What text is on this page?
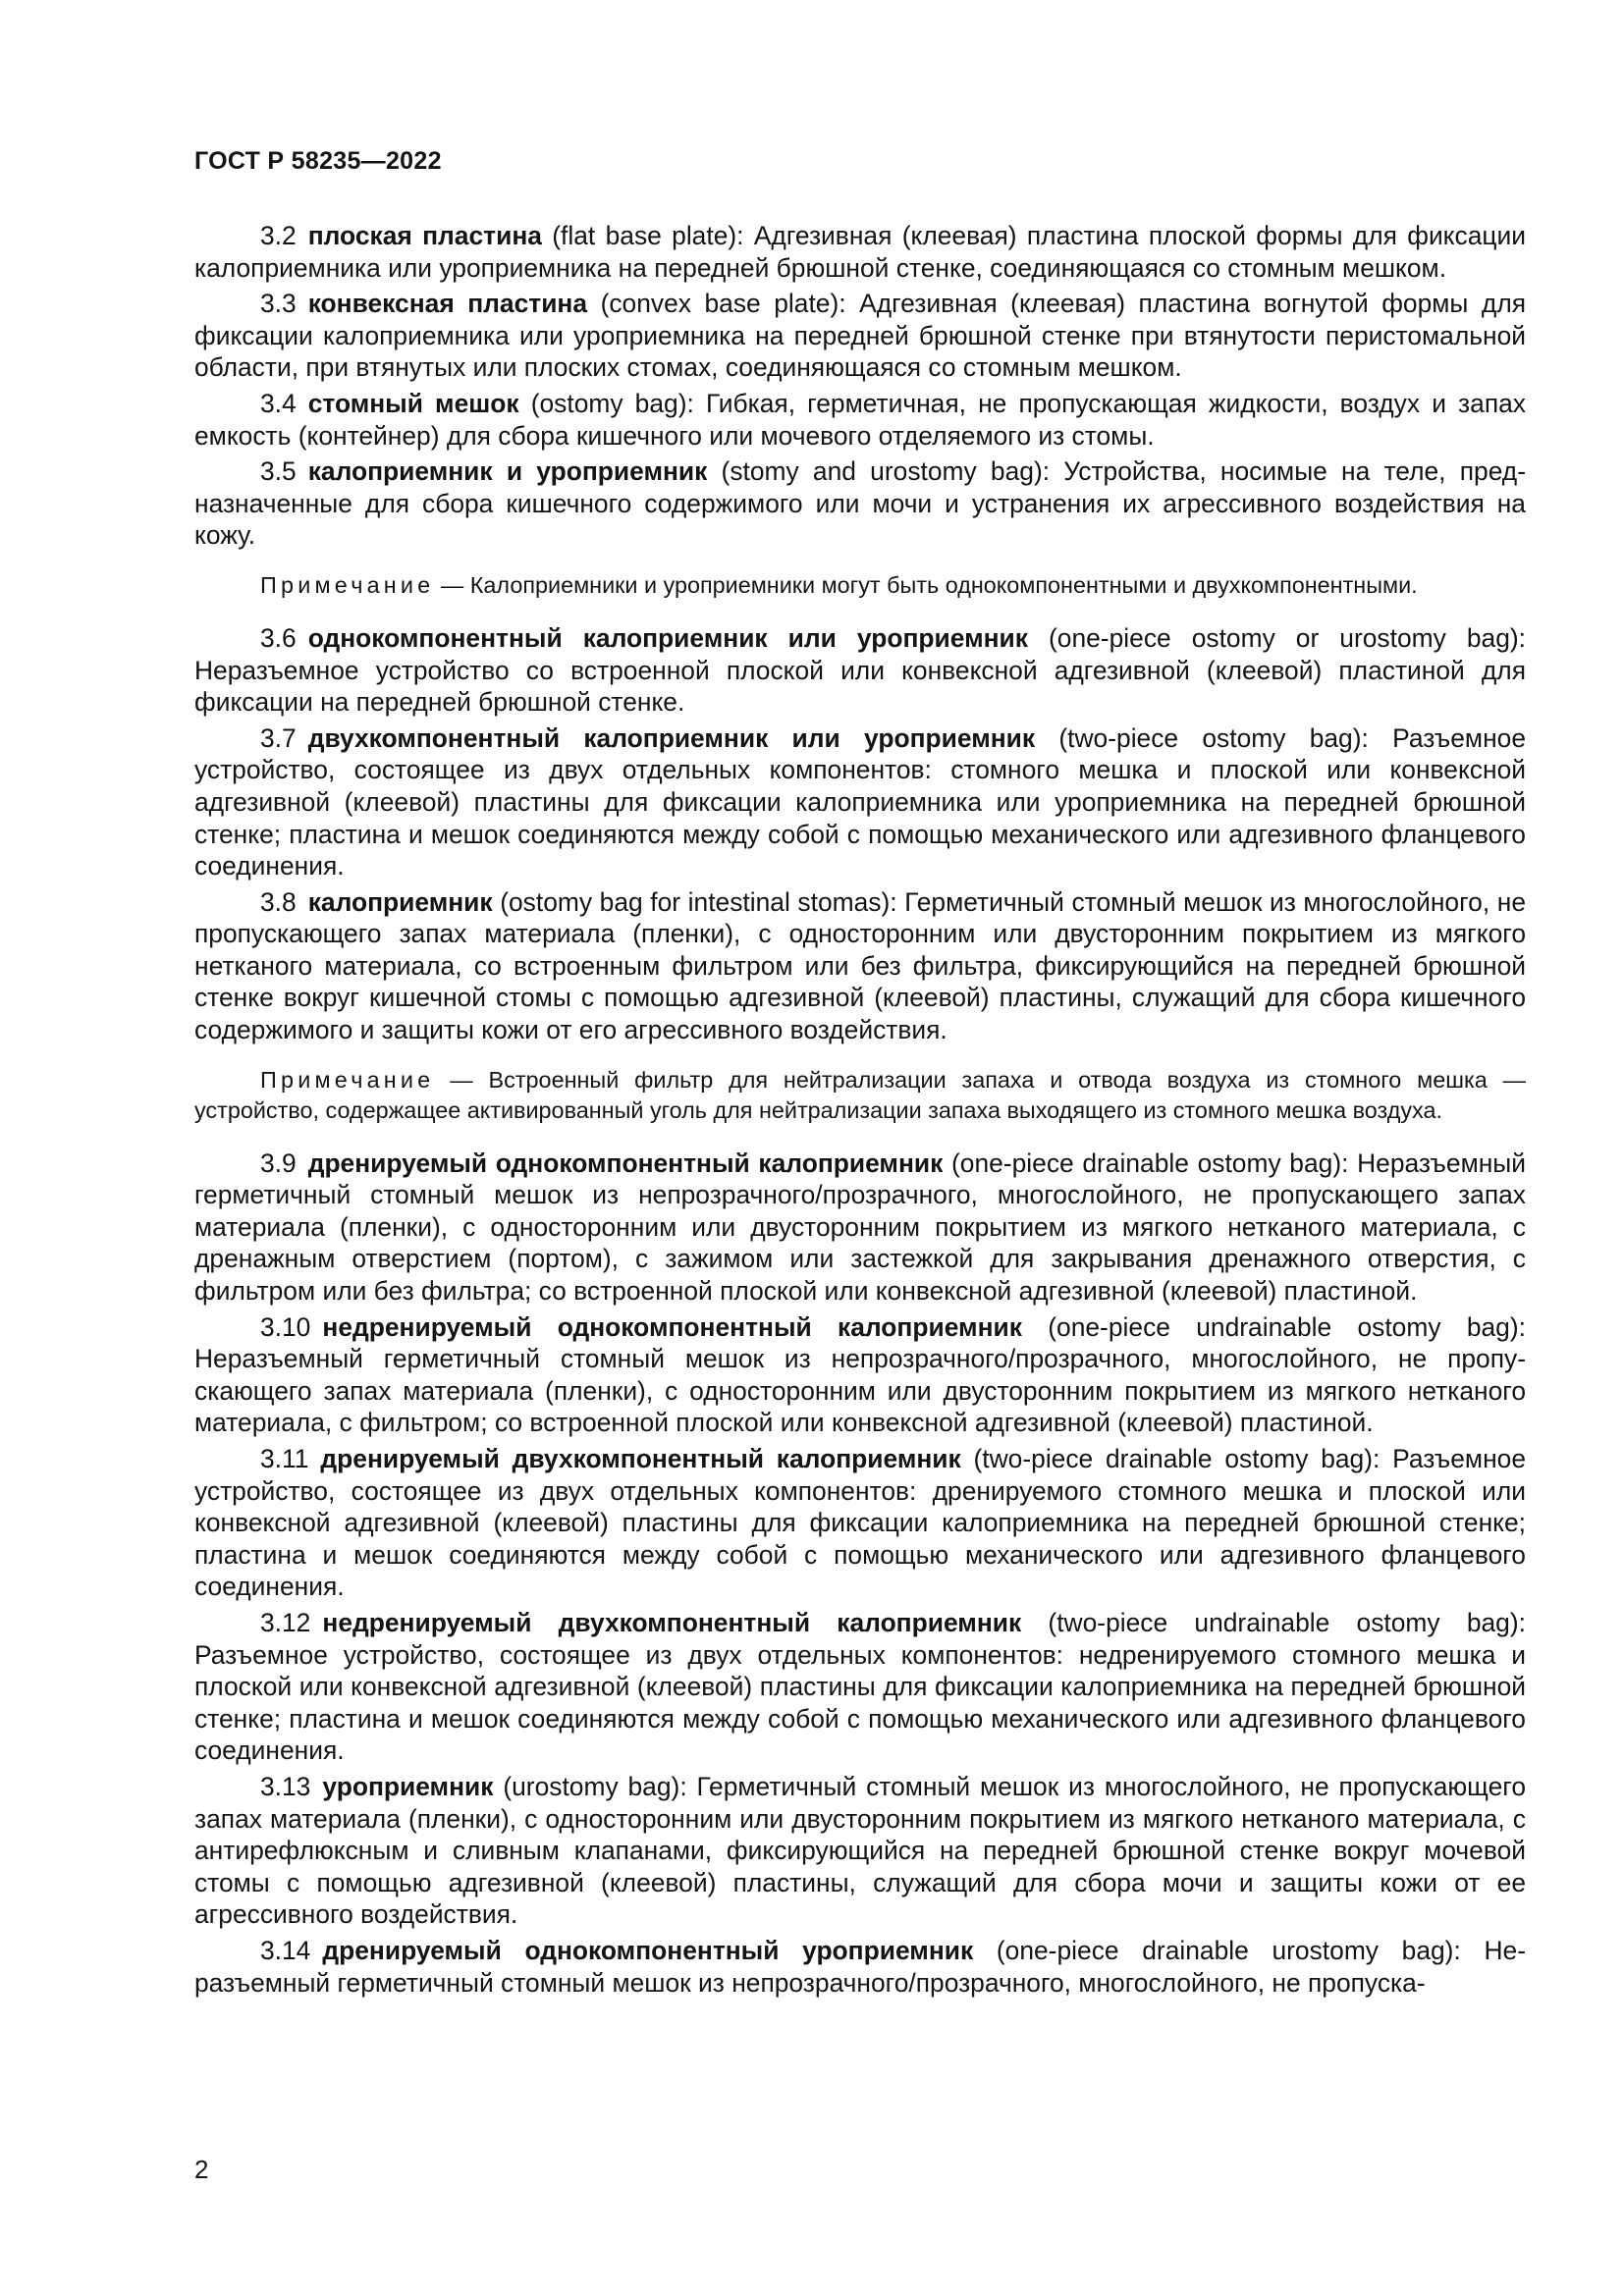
ГОСТ Р 58235—2022

3.2 плоская пластина (flat base plate): Адгезивная (клеевая) пластина плоской формы для фиксации калоприемника или уроприемника на передней брюшной стенке, соединяющаяся со стомным мешком.

3.3 конвексная пластина (convex base plate): Адгезивная (клеевая) пластина вогнутой формы для фиксации калоприемника или уроприемника на передней брюшной стенке при втянутости перистомальной области, при втянутых или плоских стомах, соединяющаяся со стомным мешком.

3.4 стомный мешок (ostomy bag): Гибкая, герметичная, не пропускающая жидкости, воздух и запах емкость (контейнер) для сбора кишечного или мочевого отделяемого из стомы.

3.5 калоприемник и уроприемник (stomy and urostomy bag): Устройства, носимые на теле, предназначенные для сбора кишечного содержимого или мочи и устранения их агрессивного воздействия на кожу.

Примечание — Калоприемники и уроприемники могут быть однокомпонентными и двухкомпонентными.

3.6 однокомпонентный калоприемник или уроприемник (one-piece ostomy or urostomy bag): Неразъемное устройство со встроенной плоской или конвексной адгезивной (клеевой) пластиной для фиксации на передней брюшной стенке.

3.7 двухкомпонентный калоприемник или уроприемник (two-piece ostomy bag): Разъемное устройство, состоящее из двух отдельных компонентов: стомного мешка и плоской или конвексной адгезивной (клеевой) пластины для фиксации калоприемника или уроприемника на передней брюшной стенке; пластина и мешок соединяются между собой с помощью механического или адгезивного фланцевого соединения.

3.8 калоприемник (ostomy bag for intestinal stomas): Герметичный стомный мешок из многослойного, не пропускающего запах материала (пленки), с односторонним или двусторонним покрытием из мягкого нетканого материала, со встроенным фильтром или без фильтра, фиксирующийся на передней брюшной стенке вокруг кишечной стомы с помощью адгезивной (клеевой) пластины, служащий для сбора кишечного содержимого и защиты кожи от его агрессивного воздействия.

Примечание — Встроенный фильтр для нейтрализации запаха и отвода воздуха из стомного мешка — устройство, содержащее активированный уголь для нейтрализации запаха выходящего из стомного мешка воздуха.

3.9 дренируемый однокомпонентный калоприемник (one-piece drainable ostomy bag): Неразъемный герметичный стомный мешок из непрозрачного/прозрачного, многослойного, не пропускающего запах материала (пленки), с односторонним или двусторонним покрытием из мягкого нетканого материала, с дренажным отверстием (портом), с зажимом или застежкой для закрывания дренажного отверстия, с фильтром или без фильтра; со встроенной плоской или конвексной адгезивной (клеевой) пластиной.

3.10 недренируемый однокомпонентный калоприемник (one-piece undrainable ostomy bag): Неразъемный герметичный стомный мешок из непрозрачного/прозрачного, многослойного, не пропускающего запах материала (пленки), с односторонним или двусторонним покрытием из мягкого нетканого материала, с фильтром; со встроенной плоской или конвексной адгезивной (клеевой) пластиной.

3.11 дренируемый двухкомпонентный калоприемник (two-piece drainable ostomy bag): Разъемное устройство, состоящее из двух отдельных компонентов: дренируемого стомного мешка и плоской или конвексной адгезивной (клеевой) пластины для фиксации калоприемника на передней брюшной стенке; пластина и мешок соединяются между собой с помощью механического или адгезивного фланцевого соединения.

3.12 недренируемый двухкомпонентный калоприемник (two-piece undrainable ostomy bag): Разъемное устройство, состоящее из двух отдельных компонентов: недренируемого стомного мешка и плоской или конвексной адгезивной (клеевой) пластины для фиксации калоприемника на передней брюшной стенке; пластина и мешок соединяются между собой с помощью механического или адгезивного фланцевого соединения.

3.13 уроприемник (urostomy bag): Герметичный стомный мешок из многослойного, не пропускающего запах материала (пленки), с односторонним или двусторонним покрытием из мягкого нетканого материала, с антирефлюксным и сливным клапанами, фиксирующийся на передней брюшной стенке вокруг мочевой стомы с помощью адгезивной (клеевой) пластины, служащий для сбора мочи и защиты кожи от ее агрессивного воздействия.

3.14 дренируемый однокомпонентный уроприемник (one-piece drainable urostomy bag): Неразъемный герметичный стомный мешок из непрозрачного/прозрачного, многослойного, не пропуска-

2
